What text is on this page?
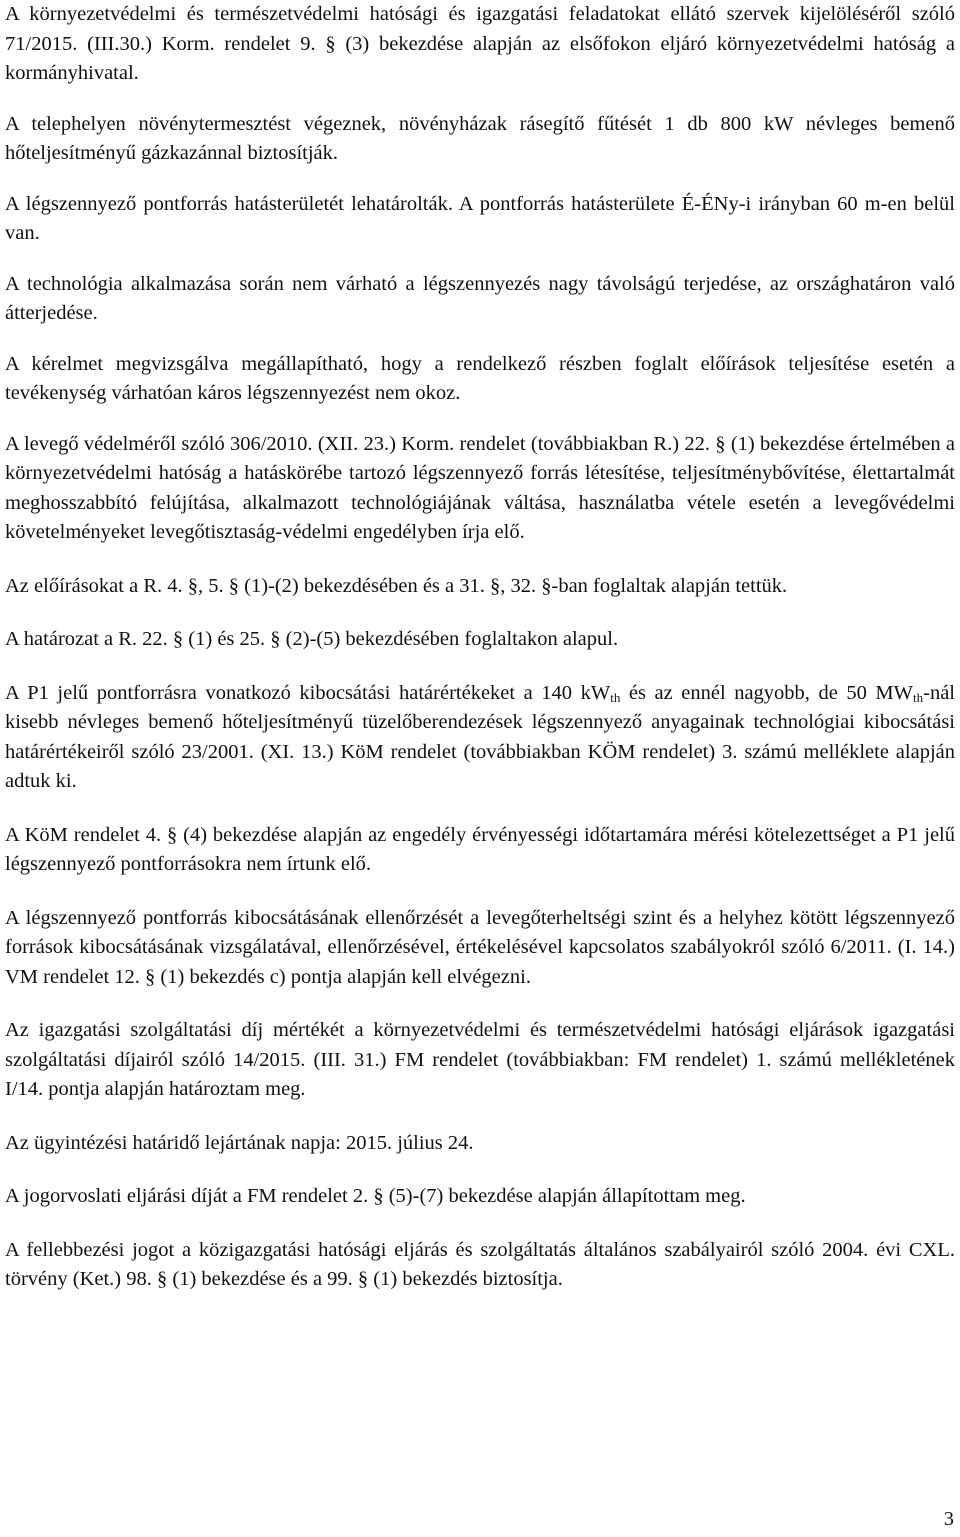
A környezetvédelmi és természetvédelmi hatósági és igazgatási feladatokat ellátó szervek kijelöléséről szóló 71/2015. (III.30.) Korm. rendelet 9. § (3) bekezdése alapján az elsőfokon eljáró környezetvédelmi hatóság a kormányhivatal.

A telephelyen növénytermesztést végeznek, növényházak rásegítő fűtését 1 db 800 kW névleges bemenő hőteljesítményű gázkazánnal biztosítják.

A légszennyező pontforrás hatásterületét lehatárolták. A pontforrás hatásterülete É-ÉNy-i irányban 60 m-en belül van.

A technológia alkalmazása során nem várható a légszennyezés nagy távolságú terjedése, az országhatáron való átterjedése.

A kérelmet megvizsgálva megállapítható, hogy a rendelkező részben foglalt előírások teljesítése esetén a tevékenység várhatóan káros légszennyezést nem okoz.

A levegő védelméről szóló 306/2010. (XII. 23.) Korm. rendelet (továbbiakban R.) 22. § (1) bekezdése értelmében a környezetvédelmi hatóság a hatáskörébe tartozó légszennyező forrás létesítése, teljesítménybővítése, élettartalmát meghosszabbító felújítása, alkalmazott technológiájának váltása, használatba vétele esetén a levegővédelmi követelményeket levegőtisztaság-védelmi engedélyben írja elő.

Az előírásokat a R. 4. §, 5. § (1)-(2) bekezdésében és a 31. §, 32. §-ban foglaltak alapján tettük.

A határozat a R. 22. § (1) és 25. § (2)-(5) bekezdésében foglaltakon alapul.

A P1 jelű pontforrásra vonatkozó kibocsátási határértékeket a 140 $kW_{th}$ és az ennél nagyobb, de 50 $MW_{th}$-nál kisebb névleges bemenő hőteljesítményű tüzelőberendezések légszennyező anyagainak technológiai kibocsátási határértékeiről szóló 23/2001. (XI. 13.) KöM rendelet (továbbiakban KÖM rendelet) 3. számú melléklete alapján adtuk ki.

A KöM rendelet 4. § (4) bekezdése alapján az engedély érvényességi időtartamára mérési kötelezettséget a P1 jelű légszennyező pontforrásokra nem írtunk elő.

A légszennyező pontforrás kibocsátásának ellenőrzését a levegőterheltségi szint és a helyhez kötött légszennyező források kibocsátásának vizsgálatával, ellenőrzésével, értékelésével kapcsolatos szabályokról szóló 6/2011. (I. 14.) VM rendelet 12. § (1) bekezdés c) pontja alapján kell elvégezni.

Az igazgatási szolgáltatási díj mértékét a környezetvédelmi és természetvédelmi hatósági eljárások igazgatási szolgáltatási díjairól szóló 14/2015. (III. 31.) FM rendelet (továbbiakban: FM rendelet) 1. számú mellékletének I/14. pontja alapján határoztam meg.

Az ügyintézési határidő lejártának napja: 2015. július 24.

A jogorvoslati eljárási díját a FM rendelet 2. § (5)-(7) bekezdése alapján állapítottam meg.

A fellebbezési jogot a közigazgatási hatósági eljárás és szolgáltatás általános szabályairól szóló 2004. évi CXL. törvény (Ket.) 98. § (1) bekezdése és a 99. § (1) bekezdés biztosítja.

3
